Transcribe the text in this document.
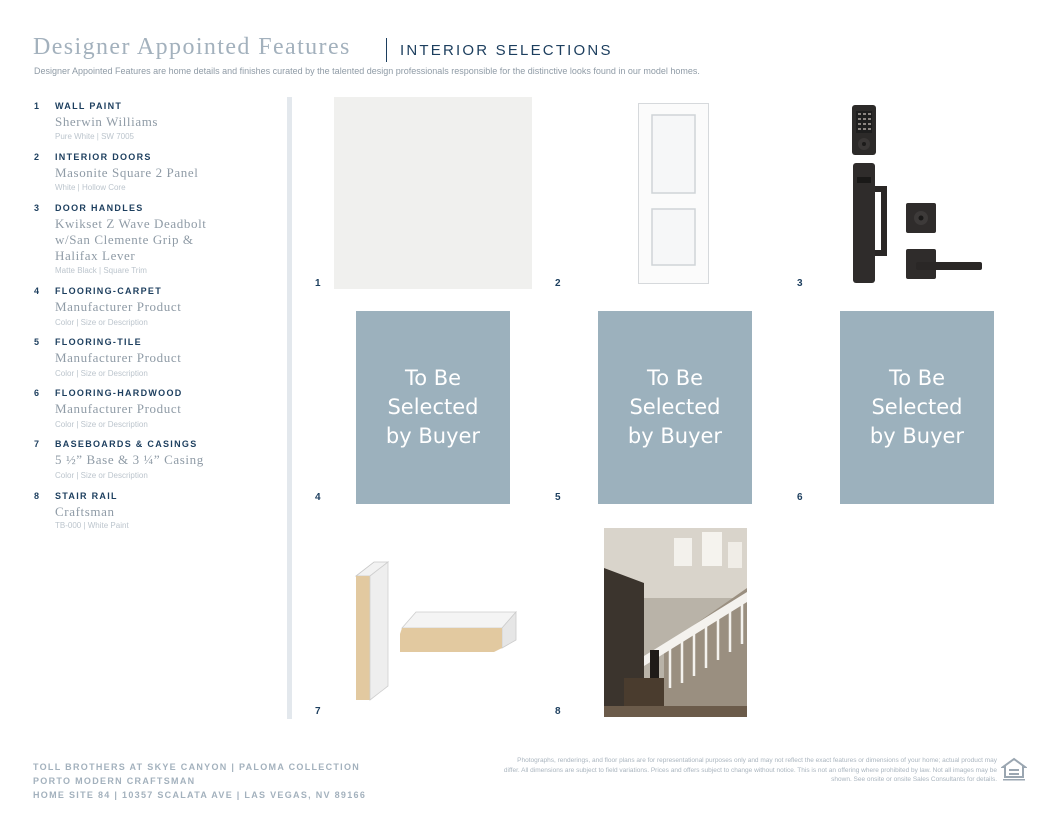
Designer Appointed Features	INTERIOR SELECTIONS
Designer Appointed Features are home details and finishes curated by the talented design professionals responsible for the distinctive looks found in our model homes.
1 WALL PAINT
Sherwin Williams
Pure White | SW 7005
2 INTERIOR DOORS
Masonite Square 2 Panel
White | Hollow Core
3 DOOR HANDLES
Kwikset Z Wave Deadbolt w/San Clemente Grip & Halifax Lever
Matte Black | Square Trim
4 FLOORING-CARPET
Manufacturer Product
Color | Size or Description
5 FLOORING-TILE
Manufacturer Product
Color | Size or Description
6 FLOORING-HARDWOOD
Manufacturer Product
Color | Size or Description
7 BASEBOARDS & CASINGS
5 ½” Base & 3 ¼” Casing
Color | Size or Description
8 STAIR RAIL
Craftsman
TB-000 | White Paint
1	2	3
To Be
Selected
by Buyer
4
To Be
Selected
by Buyer
5
To Be
Selected
by Buyer
6
7	8
TOLL BROTHERS AT SKYE CANYON | PALOMA COLLECTION
PORTO MODERN CRAFTSMAN
HOME SITE 84 | 10357 SCALATA AVE | LAS VEGAS, NV 89166
Photographs, renderings, and floor plans are for representational purposes only and may not reflect the exact features or dimensions of your home; actual product may differ. All dimensions are subject to field variations. Prices and offers subject to change without notice. This is not an offering where prohibited by law. Not all images may be shown. See onsite or onsite Sales Consultants for details.
